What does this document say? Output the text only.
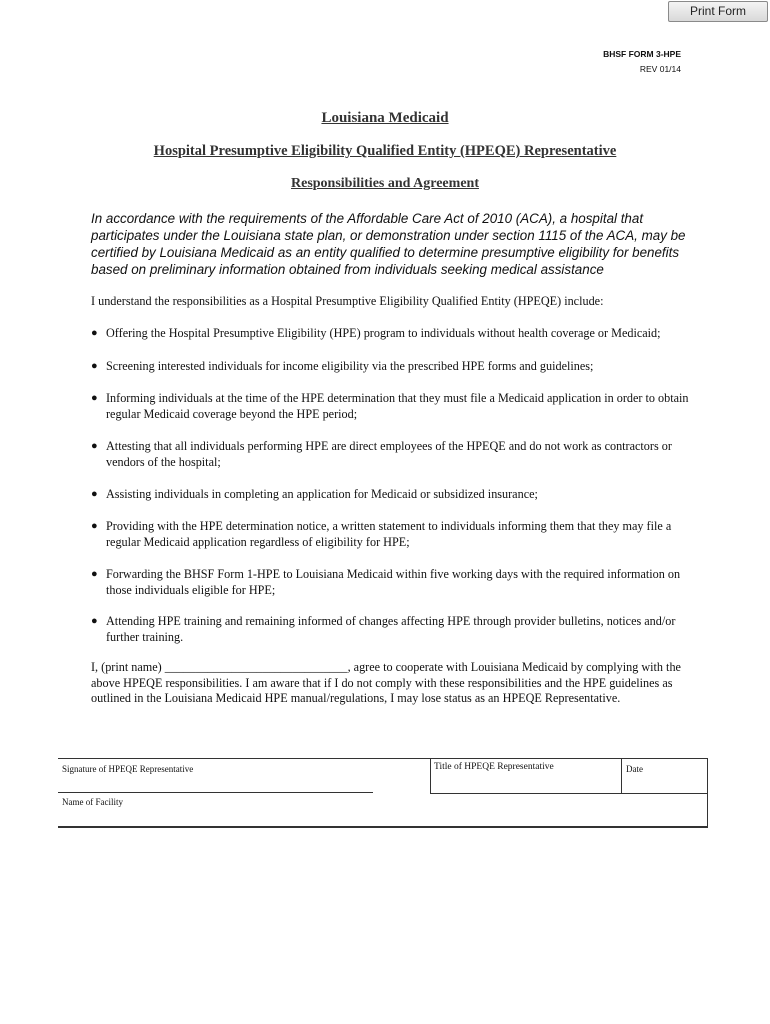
Print Form
BHSF FORM 3-HPE
REV 01/14
Louisiana Medicaid
Hospital Presumptive Eligibility Qualified Entity (HPEQE) Representative
Responsibilities and Agreement
In accordance with the requirements of the Affordable Care Act of 2010 (ACA), a hospital that participates under the Louisiana state plan, or demonstration under section 1115 of the ACA, may be certified by Louisiana Medicaid as an entity qualified to determine presumptive eligibility for benefits based on preliminary information obtained from individuals seeking medical assistance
I understand the responsibilities as a Hospital Presumptive Eligibility Qualified Entity (HPEQE) include:
● Offering the Hospital Presumptive Eligibility (HPE) program to individuals without health coverage or Medicaid;
● Screening interested individuals for income eligibility via the prescribed HPE forms and guidelines;
● Informing individuals at the time of the HPE determination that they must file a Medicaid application in order to obtain regular Medicaid coverage beyond the HPE period;
● Attesting that all individuals performing HPE are direct employees of the HPEQE and do not work as contractors or vendors of the hospital;
● Assisting individuals in completing an application for Medicaid or subsidized insurance;
● Providing with the HPE determination notice, a written statement to individuals informing them that they may file a regular Medicaid application regardless of eligibility for HPE;
● Forwarding the BHSF Form 1-HPE to Louisiana Medicaid within five working days with the required information on those individuals eligible for HPE;
● Attending HPE training and remaining informed of changes affecting HPE through provider bulletins, notices and/or further training.
I, (print name) ______________________________, agree to cooperate with Louisiana Medicaid by complying with the above HPEQE responsibilities. I am aware that if I do not comply with these responsibilities and the HPE guidelines as outlined in the Louisiana Medicaid HPE manual/regulations, I may lose status as an HPEQE Representative.
Signature of HPEQE Representative	Title of HPEQE Representative	Date
Name of Facility
